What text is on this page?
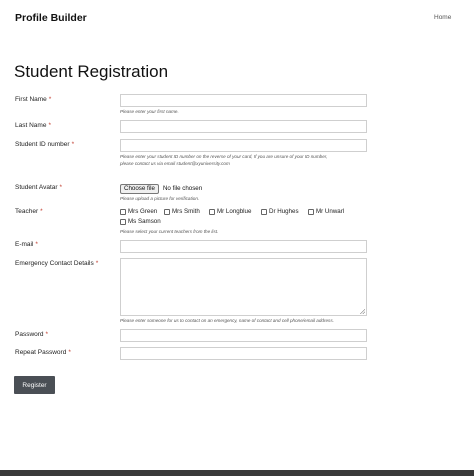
Profile Builder	Home
Student Registration
First Name *
Please enter your first name.
Last Name *
Student ID number *
Please enter your student ID number on the reverse of your card, If you are unsure of your ID number,
please contact us via email student@xyuniversity.com
Student Avatar *	Choose file	No file chosen
Please upload a picture for verification.
Teacher *	Mrs Green Mrs Smith	Mr Longblue	Dr Hughes	Mr Unwarl
Ms Samson
Please select your current teachers from the list.
E-mail *
Emergency Contact Details *
Please enter someone for us to contact on an emergency, name of contact and cell phone/email address.
Password *
Repeat Password *
Register
